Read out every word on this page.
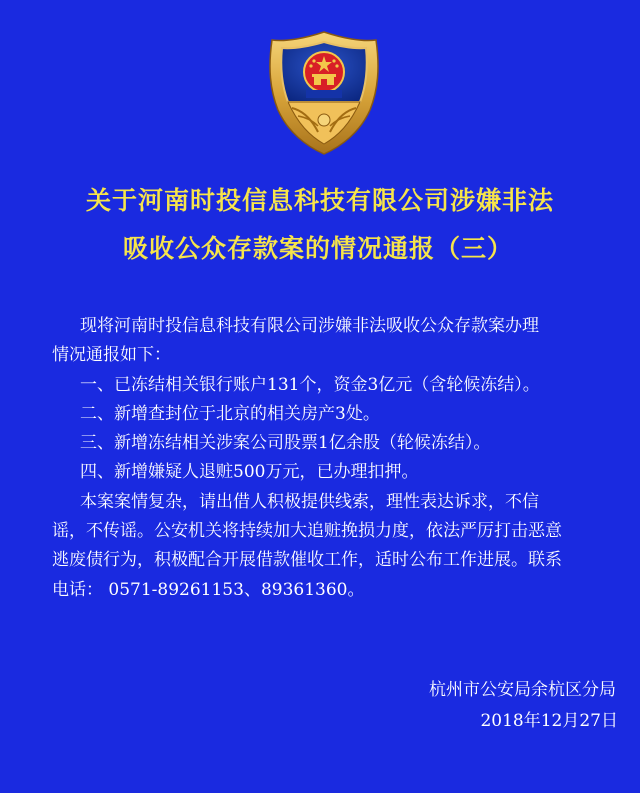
关于河南时投信息科技有限公司涉嫌非法
吸收公众存款案的情况通报（三）
现将河南时投信息科技有限公司涉嫌非法吸收公众存款案办理
情况通报如下：
一、已冻结相关银行账户131个，资金3亿元（含轮候冻结）。
二、新增查封位于北京的相关房产3处。
三、新增冻结相关涉案公司股票1亿余股（轮候冻结）。
四、新增嫌疑人退赃500万元，已办理扣押。
本案案情复杂，请出借人积极提供线索，理性表达诉求，不信
谣，不传谣。公安机关将持续加大追赃挽损力度，依法严厉打击恶意
逃废债行为，积极配合开展借款催收工作，适时公布工作进展。联系
电话： 0571-89261153、89361360。
杭州市公安局余杭区分局
2018年12月27日
